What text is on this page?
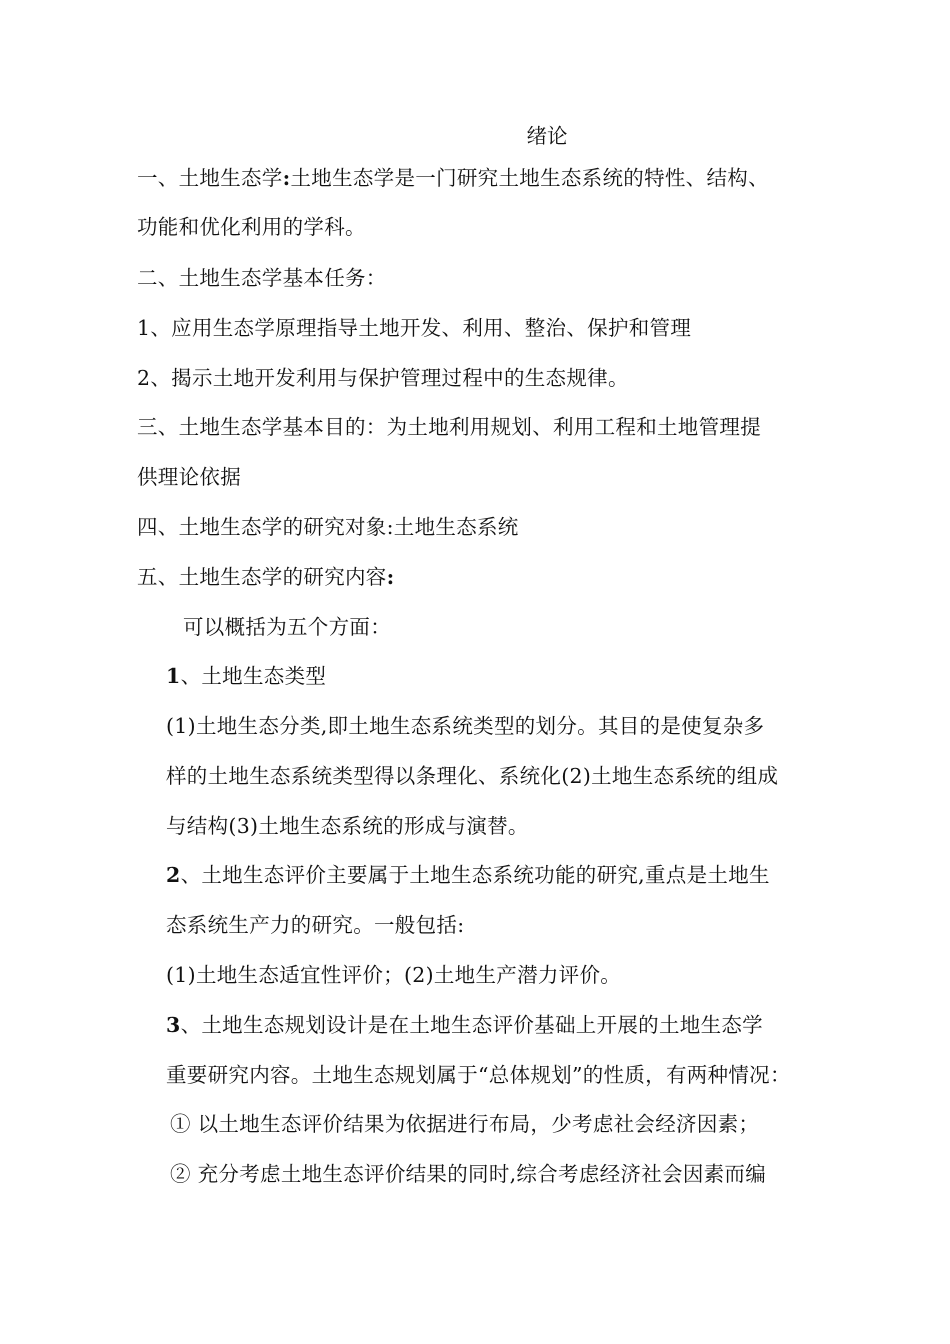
绪论
一、土地生态学:土地生态学是一门研究土地生态系统的特性、结构、
功能和优化利用的学科。
二、土地生态学基本任务：
1、应用生态学原理指导土地开发、利用、整治、保护和管理
2、揭示土地开发利用与保护管理过程中的生态规律。
三、土地生态学基本目的：为土地利用规划、利用工程和土地管理提
供理论依据
四、土地生态学的研究对象:土地生态系统
五、土地生态学的研究内容:
可以概括为五个方面：
1、土地生态类型
(1)土地生态分类,即土地生态系统类型的划分。其目的是使复杂多
样的土地生态系统类型得以条理化、系统化(2)土地生态系统的组成
与结构(3)土地生态系统的形成与演替。
2、土地生态评价主要属于土地生态系统功能的研究,重点是土地生
态系统生产力的研究。一般包括:
(1)土地生态适宜性评价；(2)土地生产潜力评价。
3、土地生态规划设计是在土地生态评价基础上开展的土地生态学
重要研究内容。土地生态规划属于“总体规划”的性质，有两种情况：
① 以土地生态评价结果为依据进行布局，少考虑社会经济因素；
② 充分考虑土地生态评价结果的同时,综合考虑经济社会因素而编
